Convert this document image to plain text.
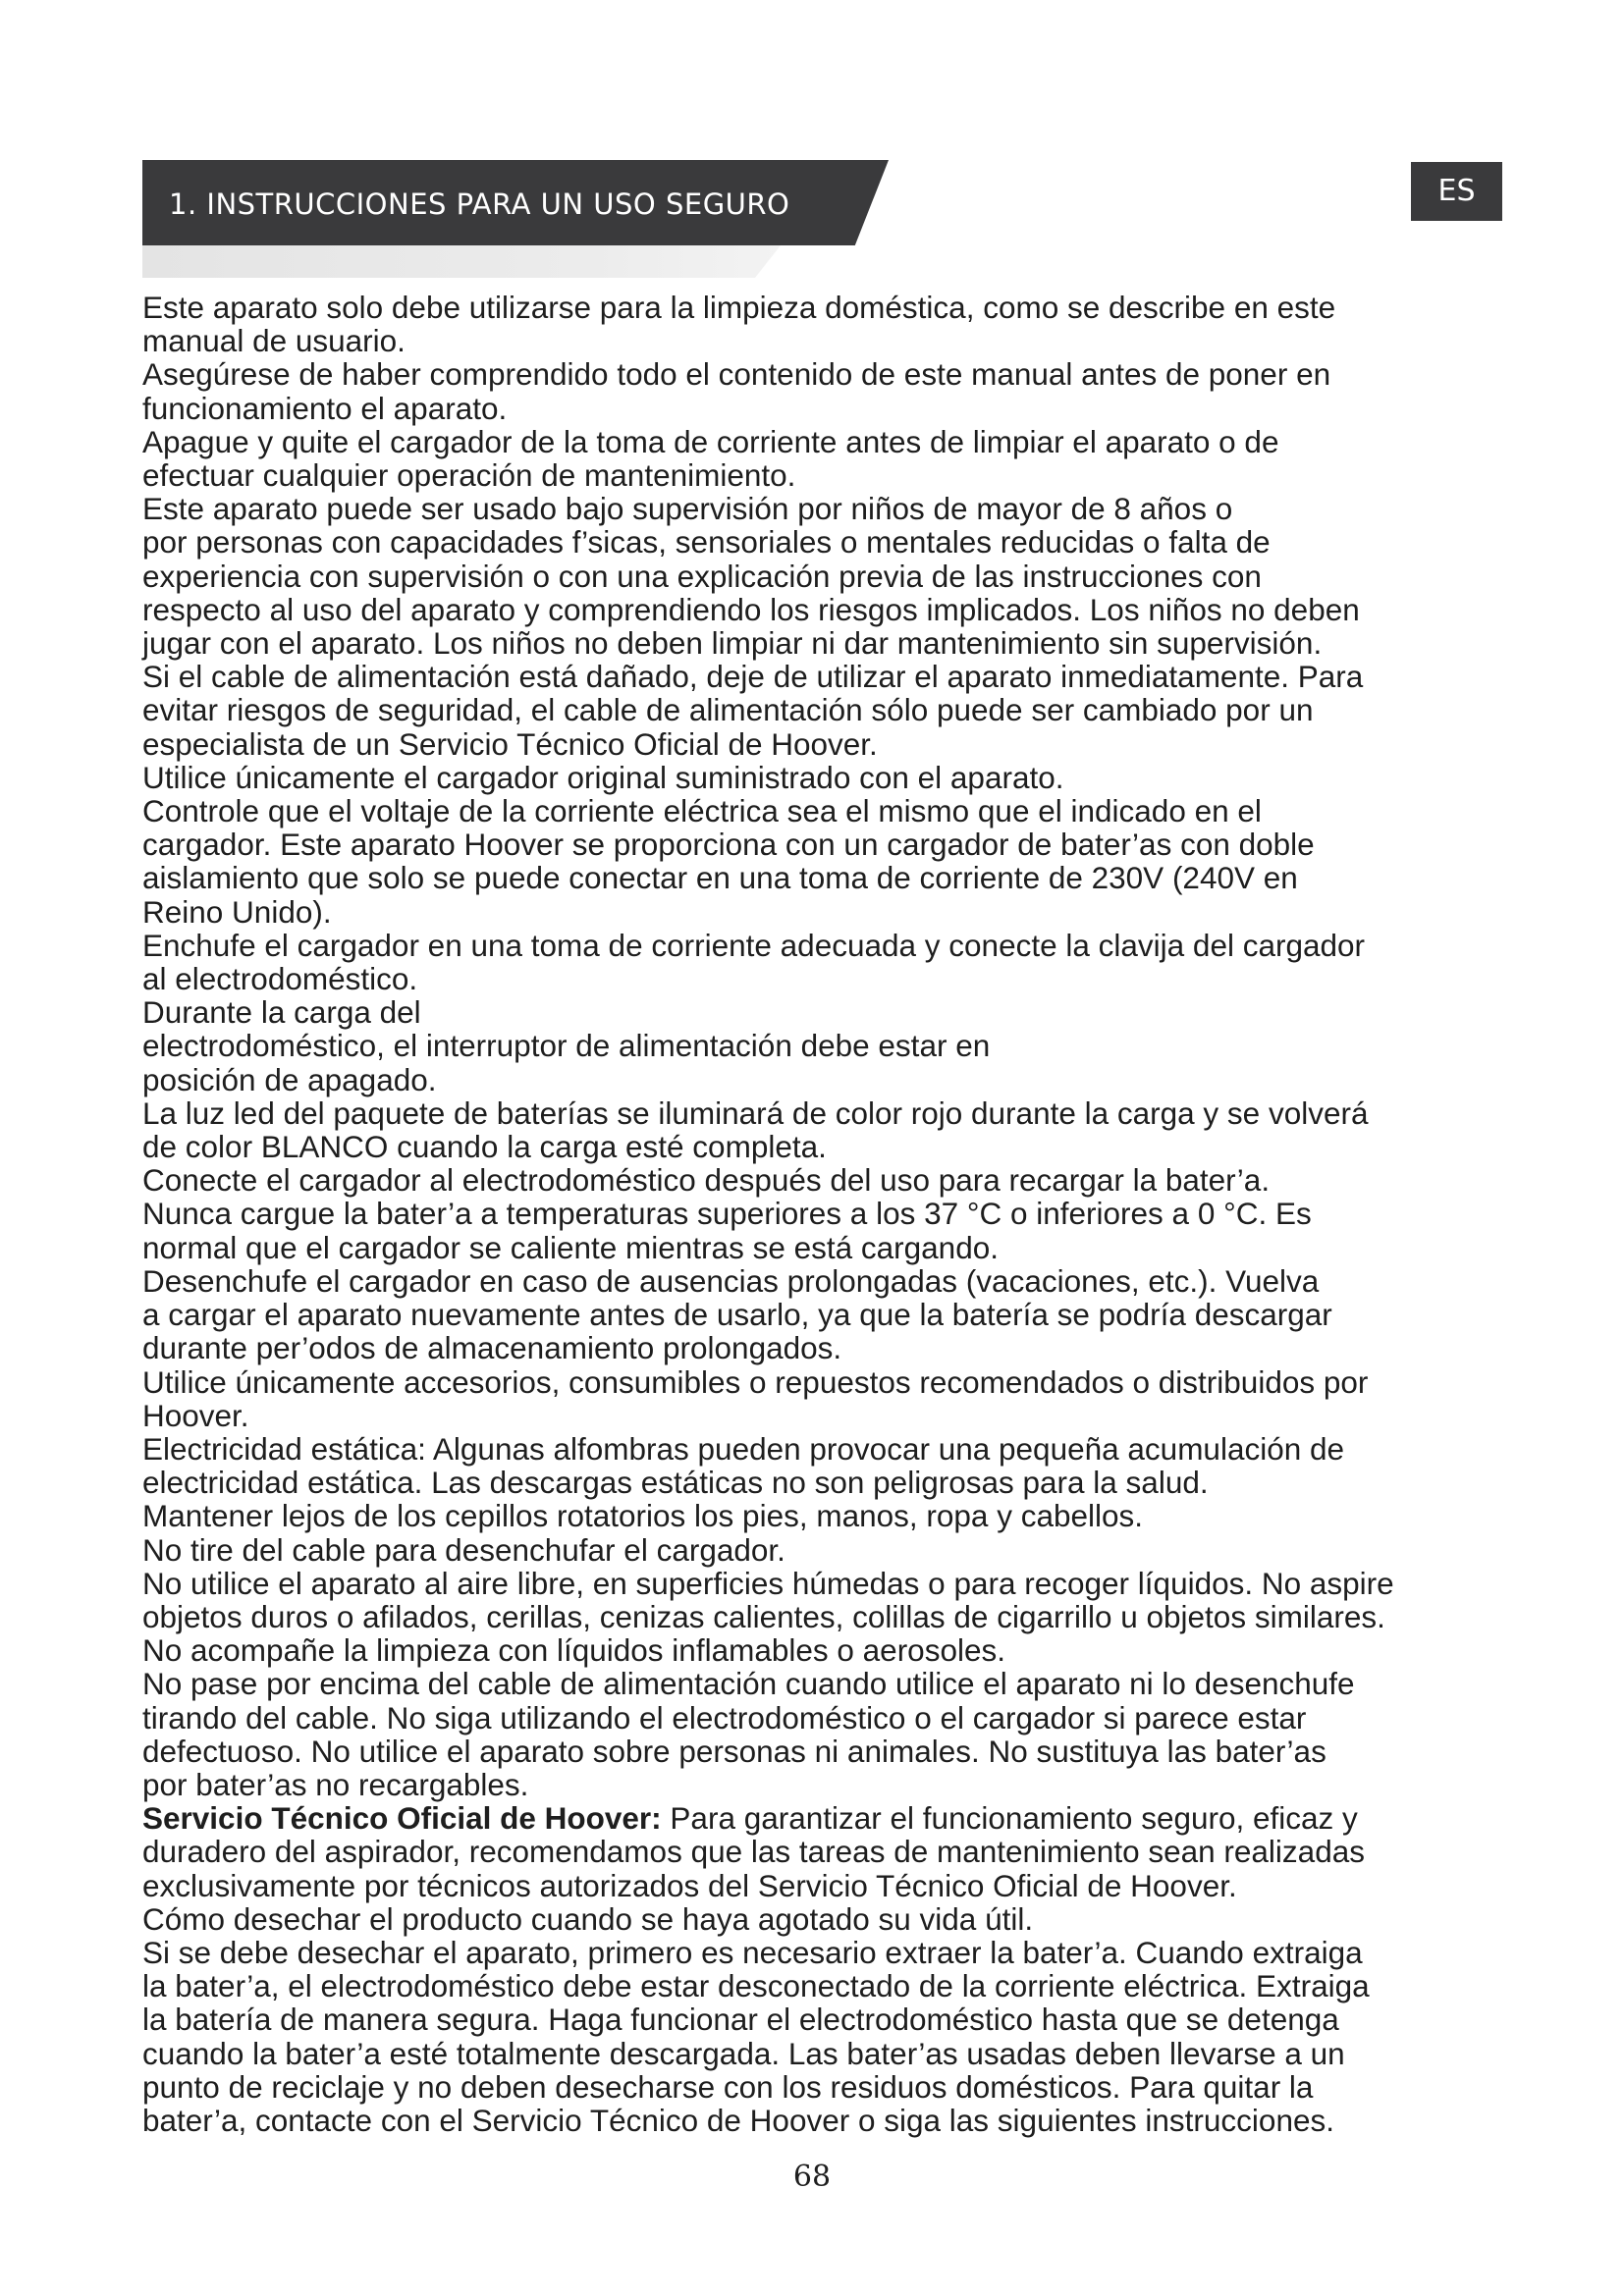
1. INSTRUCCIONES PARA UN USO SEGURO	ES
Este aparato solo debe utilizarse para la limpieza doméstica, como se describe en este
manual de usuario.
Asegúrese de haber comprendido todo el contenido de este manual antes de poner en
funcionamiento el aparato.
Apague y quite el cargador de la toma de corriente antes de limpiar el aparato o de
efectuar cualquier operación de mantenimiento.
Este aparato puede ser usado bajo supervisión por niños de mayor de 8 años o
por personas con capacidades f’sicas, sensoriales o mentales reducidas o falta de
experiencia con supervisión o con una explicación previa de las instrucciones con
respecto al uso del aparato y comprendiendo los riesgos implicados. Los niños no deben
jugar con el aparato. Los niños no deben limpiar ni dar mantenimiento sin supervisión.
Si el cable de alimentación está dañado, deje de utilizar el aparato inmediatamente. Para
evitar riesgos de seguridad, el cable de alimentación sólo puede ser cambiado por un
especialista de un Servicio Técnico Oficial de Hoover.
Utilice únicamente el cargador original suministrado con el aparato.
Controle que el voltaje de la corriente eléctrica sea el mismo que el indicado en el
cargador. Este aparato Hoover se proporciona con un cargador de bater’as con doble
aislamiento que solo se puede conectar en una toma de corriente de 230V (240V en
Reino Unido).
Enchufe el cargador en una toma de corriente adecuada y conecte la clavija del cargador
al electrodoméstico.
Durante la carga del
electrodoméstico, el interruptor de alimentación debe estar en
posición de apagado.
La luz led del paquete de baterías se iluminará de color rojo durante la carga y se volverá
de color BLANCO cuando la carga esté completa.
Conecte el cargador al electrodoméstico después del uso para recargar la bater’a.
Nunca cargue la bater’a a temperaturas superiores a los 37 °C o inferiores a 0 °C. Es
normal que el cargador se caliente mientras se está cargando.
Desenchufe el cargador en caso de ausencias prolongadas (vacaciones, etc.). Vuelva
a cargar el aparato nuevamente antes de usarlo, ya que la batería se podría descargar
durante per’odos de almacenamiento prolongados.
Utilice únicamente accesorios, consumibles o repuestos recomendados o distribuidos por
Hoover.
Electricidad estática: Algunas alfombras pueden provocar una pequeña acumulación de
electricidad estática. Las descargas estáticas no son peligrosas para la salud.
Mantener lejos de los cepillos rotatorios los pies, manos, ropa y cabellos.
No tire del cable para desenchufar el cargador.
No utilice el aparato al aire libre, en superficies húmedas o para recoger líquidos. No aspire
objetos duros o afilados, cerillas, cenizas calientes, colillas de cigarrillo u objetos similares.
No acompañe la limpieza con líquidos inflamables o aerosoles.
No pase por encima del cable de alimentación cuando utilice el aparato ni lo desenchufe
tirando del cable. No siga utilizando el electrodoméstico o el cargador si parece estar
defectuoso. No utilice el aparato sobre personas ni animales. No sustituya las bater’as
por bater’as no recargables.
Servicio Técnico Oficial de Hoover: Para garantizar el funcionamiento seguro, eficaz y
duradero del aspirador, recomendamos que las tareas de mantenimiento sean realizadas
exclusivamente por técnicos autorizados del Servicio Técnico Oficial de Hoover.
Cómo desechar el producto cuando se haya agotado su vida útil.
Si se debe desechar el aparato, primero es necesario extraer la bater’a. Cuando extraiga
la bater’a, el electrodoméstico debe estar desconectado de la corriente eléctrica. Extraiga
la batería de manera segura. Haga funcionar el electrodoméstico hasta que se detenga
cuando la bater’a esté totalmente descargada. Las bater’as usadas deben llevarse a un
punto de reciclaje y no deben desecharse con los residuos domésticos. Para quitar la
bater’a, contacte con el Servicio Técnico de Hoover o siga las siguientes instrucciones.
68
